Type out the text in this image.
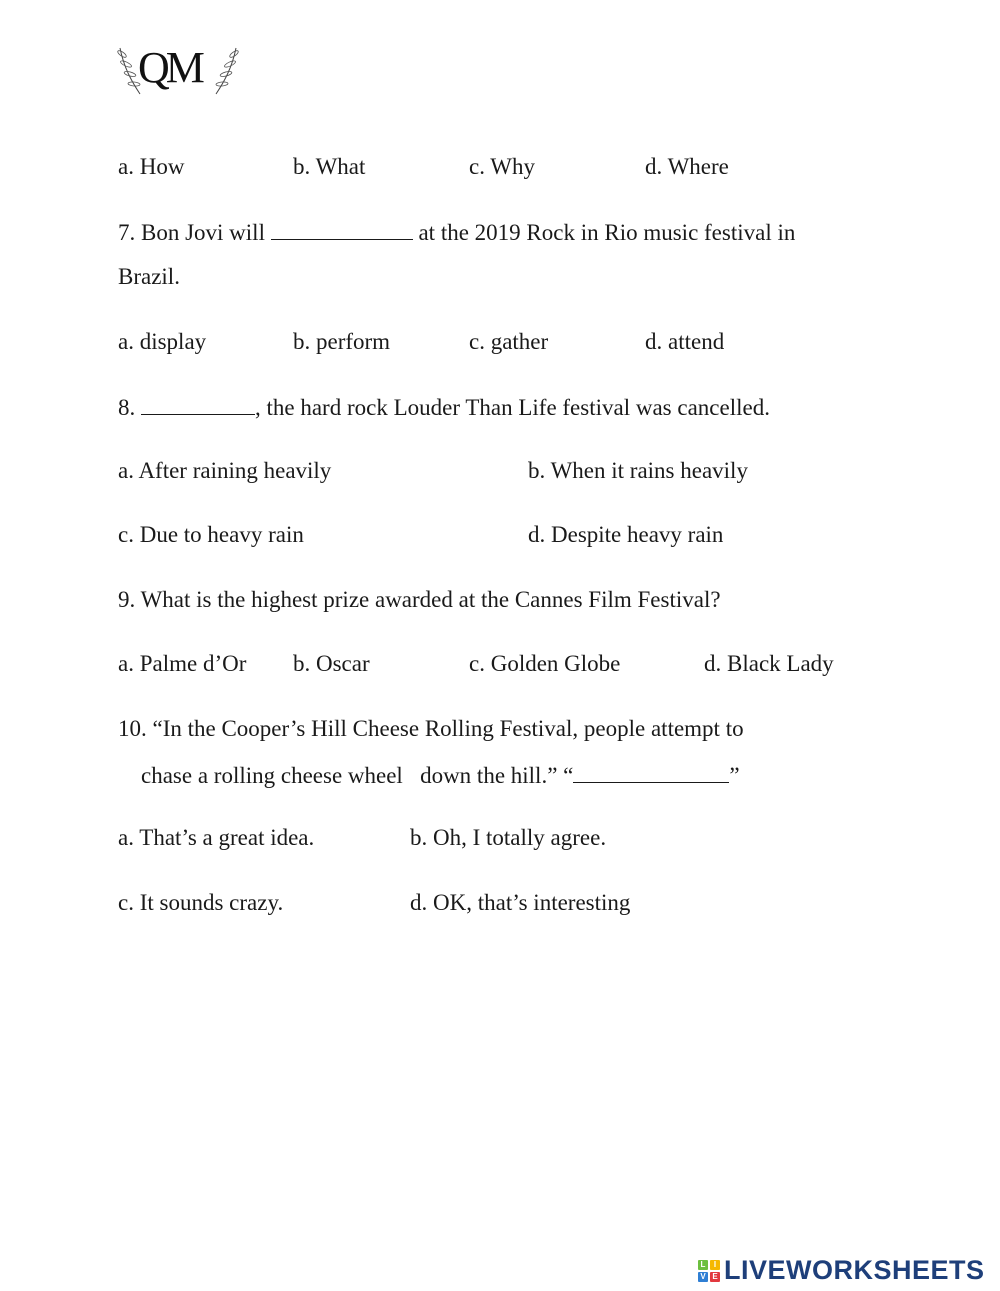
QM
a. How	b. What	c. Why	d. Where
7. Bon Jovi will	at the 2019 Rock in Rio music festival in
Brazil.
a. display	b. perform	c. gather	d. attend
8.	, the hard rock Louder Than Life festival was cancelled.
a. After raining heavily	b. When it rains heavily
c. Due to heavy rain	d. Despite heavy rain
9. What is the highest prize awarded at the Cannes Film Festival?
a. Palme d’Or b. Oscar	c. Golden Globe	d. Black Lady
10. “In the Cooper’s Hill Cheese Rolling Festival, people attempt to
chase a rolling cheese wheel   down the hill.” “	”
a. That’s a great idea.	b. Oh, I totally agree.
c. It sounds crazy.	d. OK, that’s interesting
L	I
V E LIVEWORKSHEETS
